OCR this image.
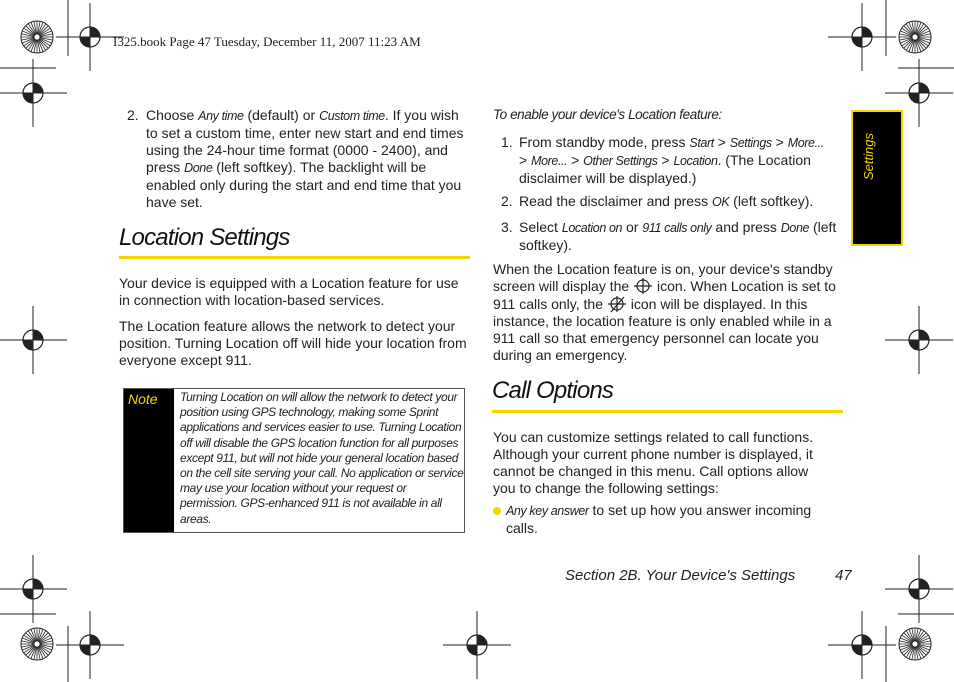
I325.book Page 47 Tuesday, December 11, 2007 11:23 AM
Settings
2. Choose Any time (default) or Custom time. If you wish to set a custom time, enter new start and end times using the 24-hour time format (0000 - 2400), and press Done (left softkey). The backlight will be enabled only during the start and end time that you have set.
Location Settings
Your device is equipped with a Location feature for use in connection with location-based services.
The Location feature allows the network to detect your position. Turning Location off will hide your location from everyone except 911.
Note Turning Location on will allow the network to detect your position using GPS technology, making some Sprint applications and services easier to use. Turning Location off will disable the GPS location function for all purposes except 911, but will not hide your general location based on the cell site serving your call. No application or service may use your location without your request or permission. GPS-enhanced 911 is not available in all areas.
To enable your device's Location feature:
1. From standby mode, press Start > Settings > More...
> More... > Other Settings > Location. (The Location disclaimer will be displayed.)
2. Read the disclaimer and press OK (left softkey).
3. Select Location on or 911 calls only and press Done (left softkey).
When the Location feature is on, your device's standby screen will display the  icon. When Location is set to 911 calls only, the  icon will be displayed. In this instance, the location feature is only enabled while in a 911 call so that emergency personnel can locate you during an emergency.
Call Options
You can customize settings related to call functions. Although your current phone number is displayed, it cannot be changed in this menu. Call options allow you to change the following settings:
Any key answer to set up how you answer incoming calls.
Section 2B. Your Device's Settings	47
